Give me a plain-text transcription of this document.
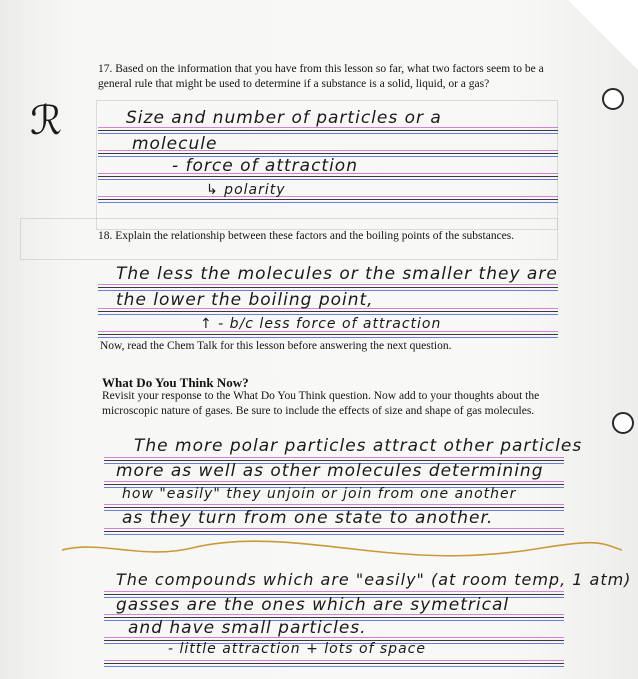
17. Based on the information that you have from this lesson so far, what two factors seem to be a general rule that might be used to determine if a substance is a solid, liquid, or a gas?
ℛ	Size and number of particles or a
molecule
- force of attraction
↳ polarity
18. Explain the relationship between these factors and the boiling points of the substances.
The less the molecules or the smaller they are
the lower the boiling point,
↑ - b/c less force of attraction
Now, read the Chem Talk for this lesson before answering the next question.
What Do You Think Now?
Revisit your response to the What Do You Think question. Now add to your thoughts about the microscopic nature of gases. Be sure to include the effects of size and shape of gas molecules.
The more polar particles attract other particles
more as well as other molecules determining
how "easily" they unjoin or join from one another
as they turn from one state to another.
The compounds which are "easily" (at room temp, 1 atm)
gasses are the ones which are symetrical
and have small particles.
- little attraction + lots of space
